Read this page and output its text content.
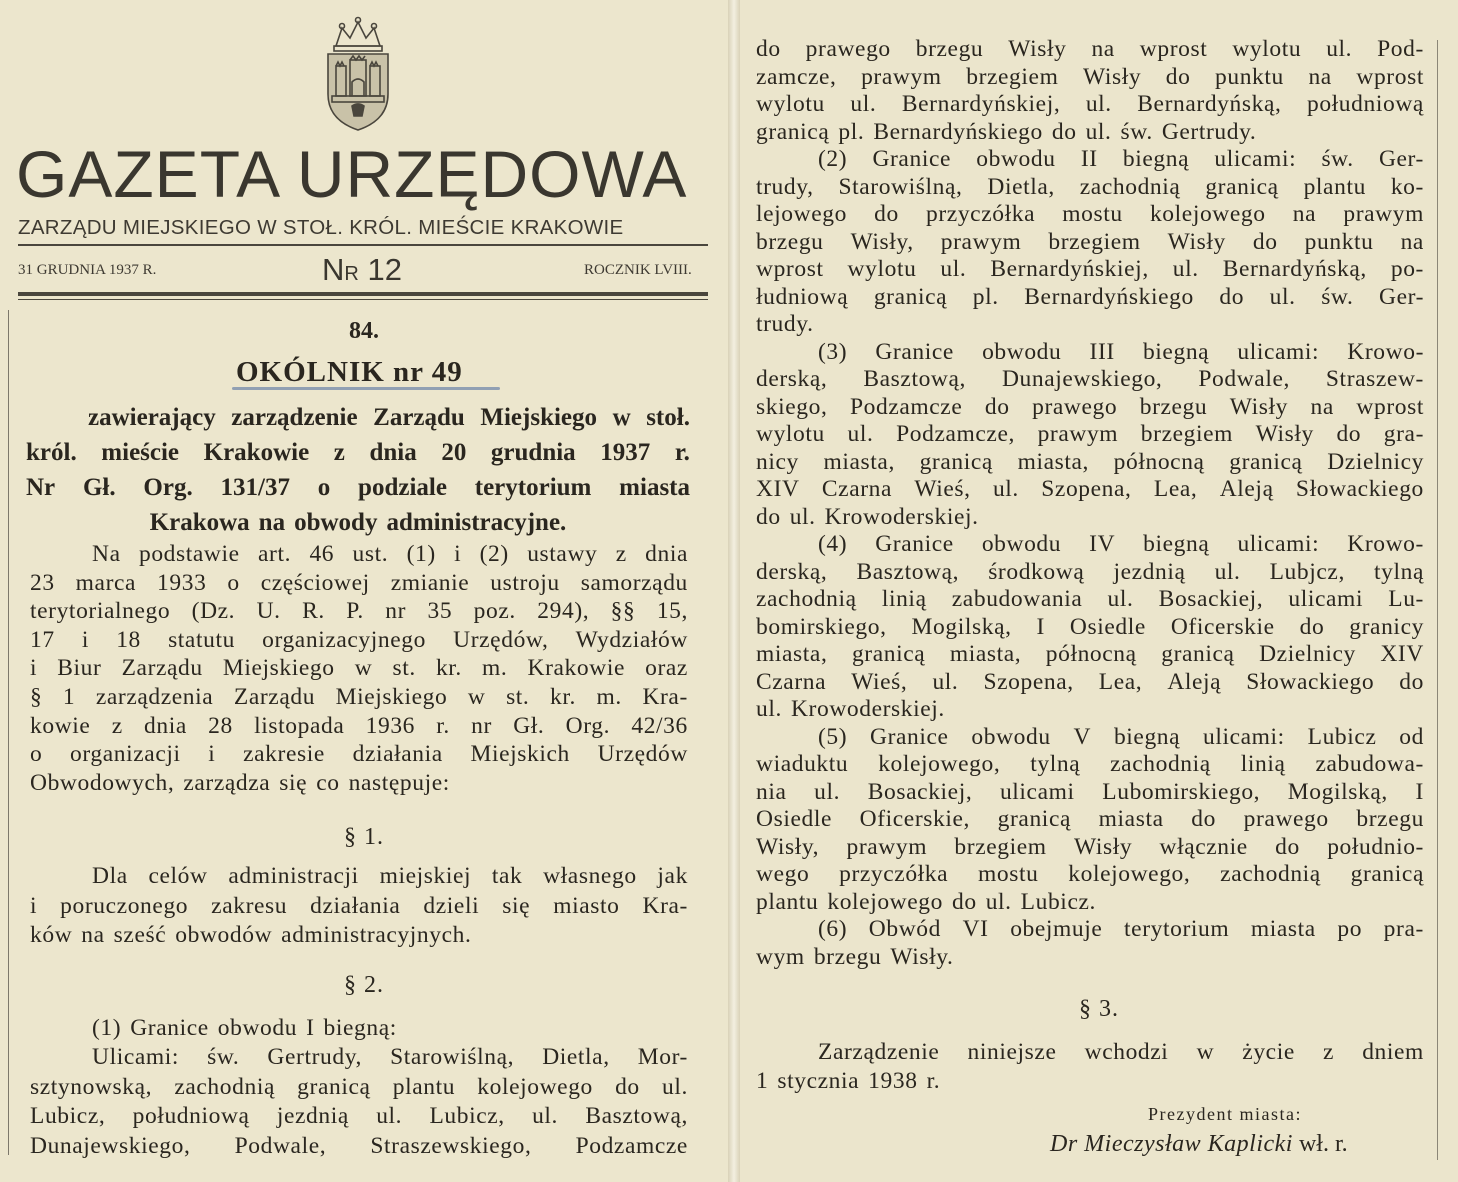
GAZETA URZĘDOWA
ZARZĄDU MIEJSKIEGO W STOŁ. KRÓL. MIEŚCIE KRAKOWIE
31 GRUDNIA 1937 R.	NR 12	ROCZNIK LVIII.
84.
OKÓLNIK nr 49
zawierający zarządzenie Zarządu Miejskiego w stoł.
król. mieście Krakowie z dnia 20 grudnia 1937 r.
Nr Gł. Org. 131/37 o podziale terytorium miasta
Krakowa na obwody administracyjne.
Na podstawie art. 46 ust. (1) i (2) ustawy z dnia
23 marca 1933 o częściowej zmianie ustroju samorządu
terytorialnego (Dz. U. R. P. nr 35 poz. 294), §§ 15,
17 i 18 statutu organizacyjnego Urzędów, Wydziałów
i Biur Zarządu Miejskiego w st. kr. m. Krakowie oraz
§ 1 zarządzenia Zarządu Miejskiego w st. kr. m. Kra-
kowie z dnia 28 listopada 1936 r. nr Gł. Org. 42/36
o organizacji i zakresie działania Miejskich Urzędów
Obwodowych, zarządza się co następuje:
§ 1.
Dla celów administracji miejskiej tak własnego jak
i poruczonego zakresu działania dzieli się miasto Kra-
ków na sześć obwodów administracyjnych.
§ 2.
(1) Granice obwodu I biegną:
Ulicami: św. Gertrudy, Starowiślną, Dietla, Mor-
sztynowską, zachodnią granicą plantu kolejowego do ul.
Lubicz, południową jezdnią ul. Lubicz, ul. Basztową,
Dunajewskiego, Podwale, Straszewskiego, Podzamcze
do prawego brzegu Wisły na wprost wylotu ul. Pod-
zamcze, prawym brzegiem Wisły do punktu na wprost
wylotu ul. Bernardyńskiej, ul. Bernardyńską, południową
granicą pl. Bernardyńskiego do ul. św. Gertrudy.
(2) Granice obwodu II biegną ulicami: św. Ger-
trudy, Starowiślną, Dietla, zachodnią granicą plantu ko-
lejowego do przyczółka mostu kolejowego na prawym
brzegu Wisły, prawym brzegiem Wisły do punktu na
wprost wylotu ul. Bernardyńskiej, ul. Bernardyńską, po-
łudniową granicą pl. Bernardyńskiego do ul. św. Ger-
trudy.
(3) Granice obwodu III biegną ulicami: Krowo-
derską, Basztową, Dunajewskiego, Podwale, Straszew-
skiego, Podzamcze do prawego brzegu Wisły na wprost
wylotu ul. Podzamcze, prawym brzegiem Wisły do gra-
nicy miasta, granicą miasta, północną granicą Dzielnicy
XIV Czarna Wieś, ul. Szopena, Lea, Aleją Słowackiego
do ul. Krowoderskiej.
(4) Granice obwodu IV biegną ulicami: Krowo-
derską, Basztową, środkową jezdnią ul. Lubjcz, tylną
zachodnią linią zabudowania ul. Bosackiej, ulicami Lu-
bomirskiego, Mogilską, I Osiedle Oficerskie do granicy
miasta, granicą miasta, północną granicą Dzielnicy XIV
Czarna Wieś, ul. Szopena, Lea, Aleją Słowackiego do
ul. Krowoderskiej.
(5) Granice obwodu V biegną ulicami: Lubicz od
wiaduktu kolejowego, tylną zachodnią linią zabudowa-
nia ul. Bosackiej, ulicami Lubomirskiego, Mogilską, I
Osiedle Oficerskie, granicą miasta do prawego brzegu
Wisły, prawym brzegiem Wisły włącznie do południo-
wego przyczółka mostu kolejowego, zachodnią granicą
plantu kolejowego do ul. Lubicz.
(6) Obwód VI obejmuje terytorium miasta po pra-
wym brzegu Wisły.
§ 3.
Zarządzenie niniejsze wchodzi w życie z dniem
1 stycznia 1938 r.
Prezydent miasta:
Dr Mieczysław Kaplicki wł. r.
